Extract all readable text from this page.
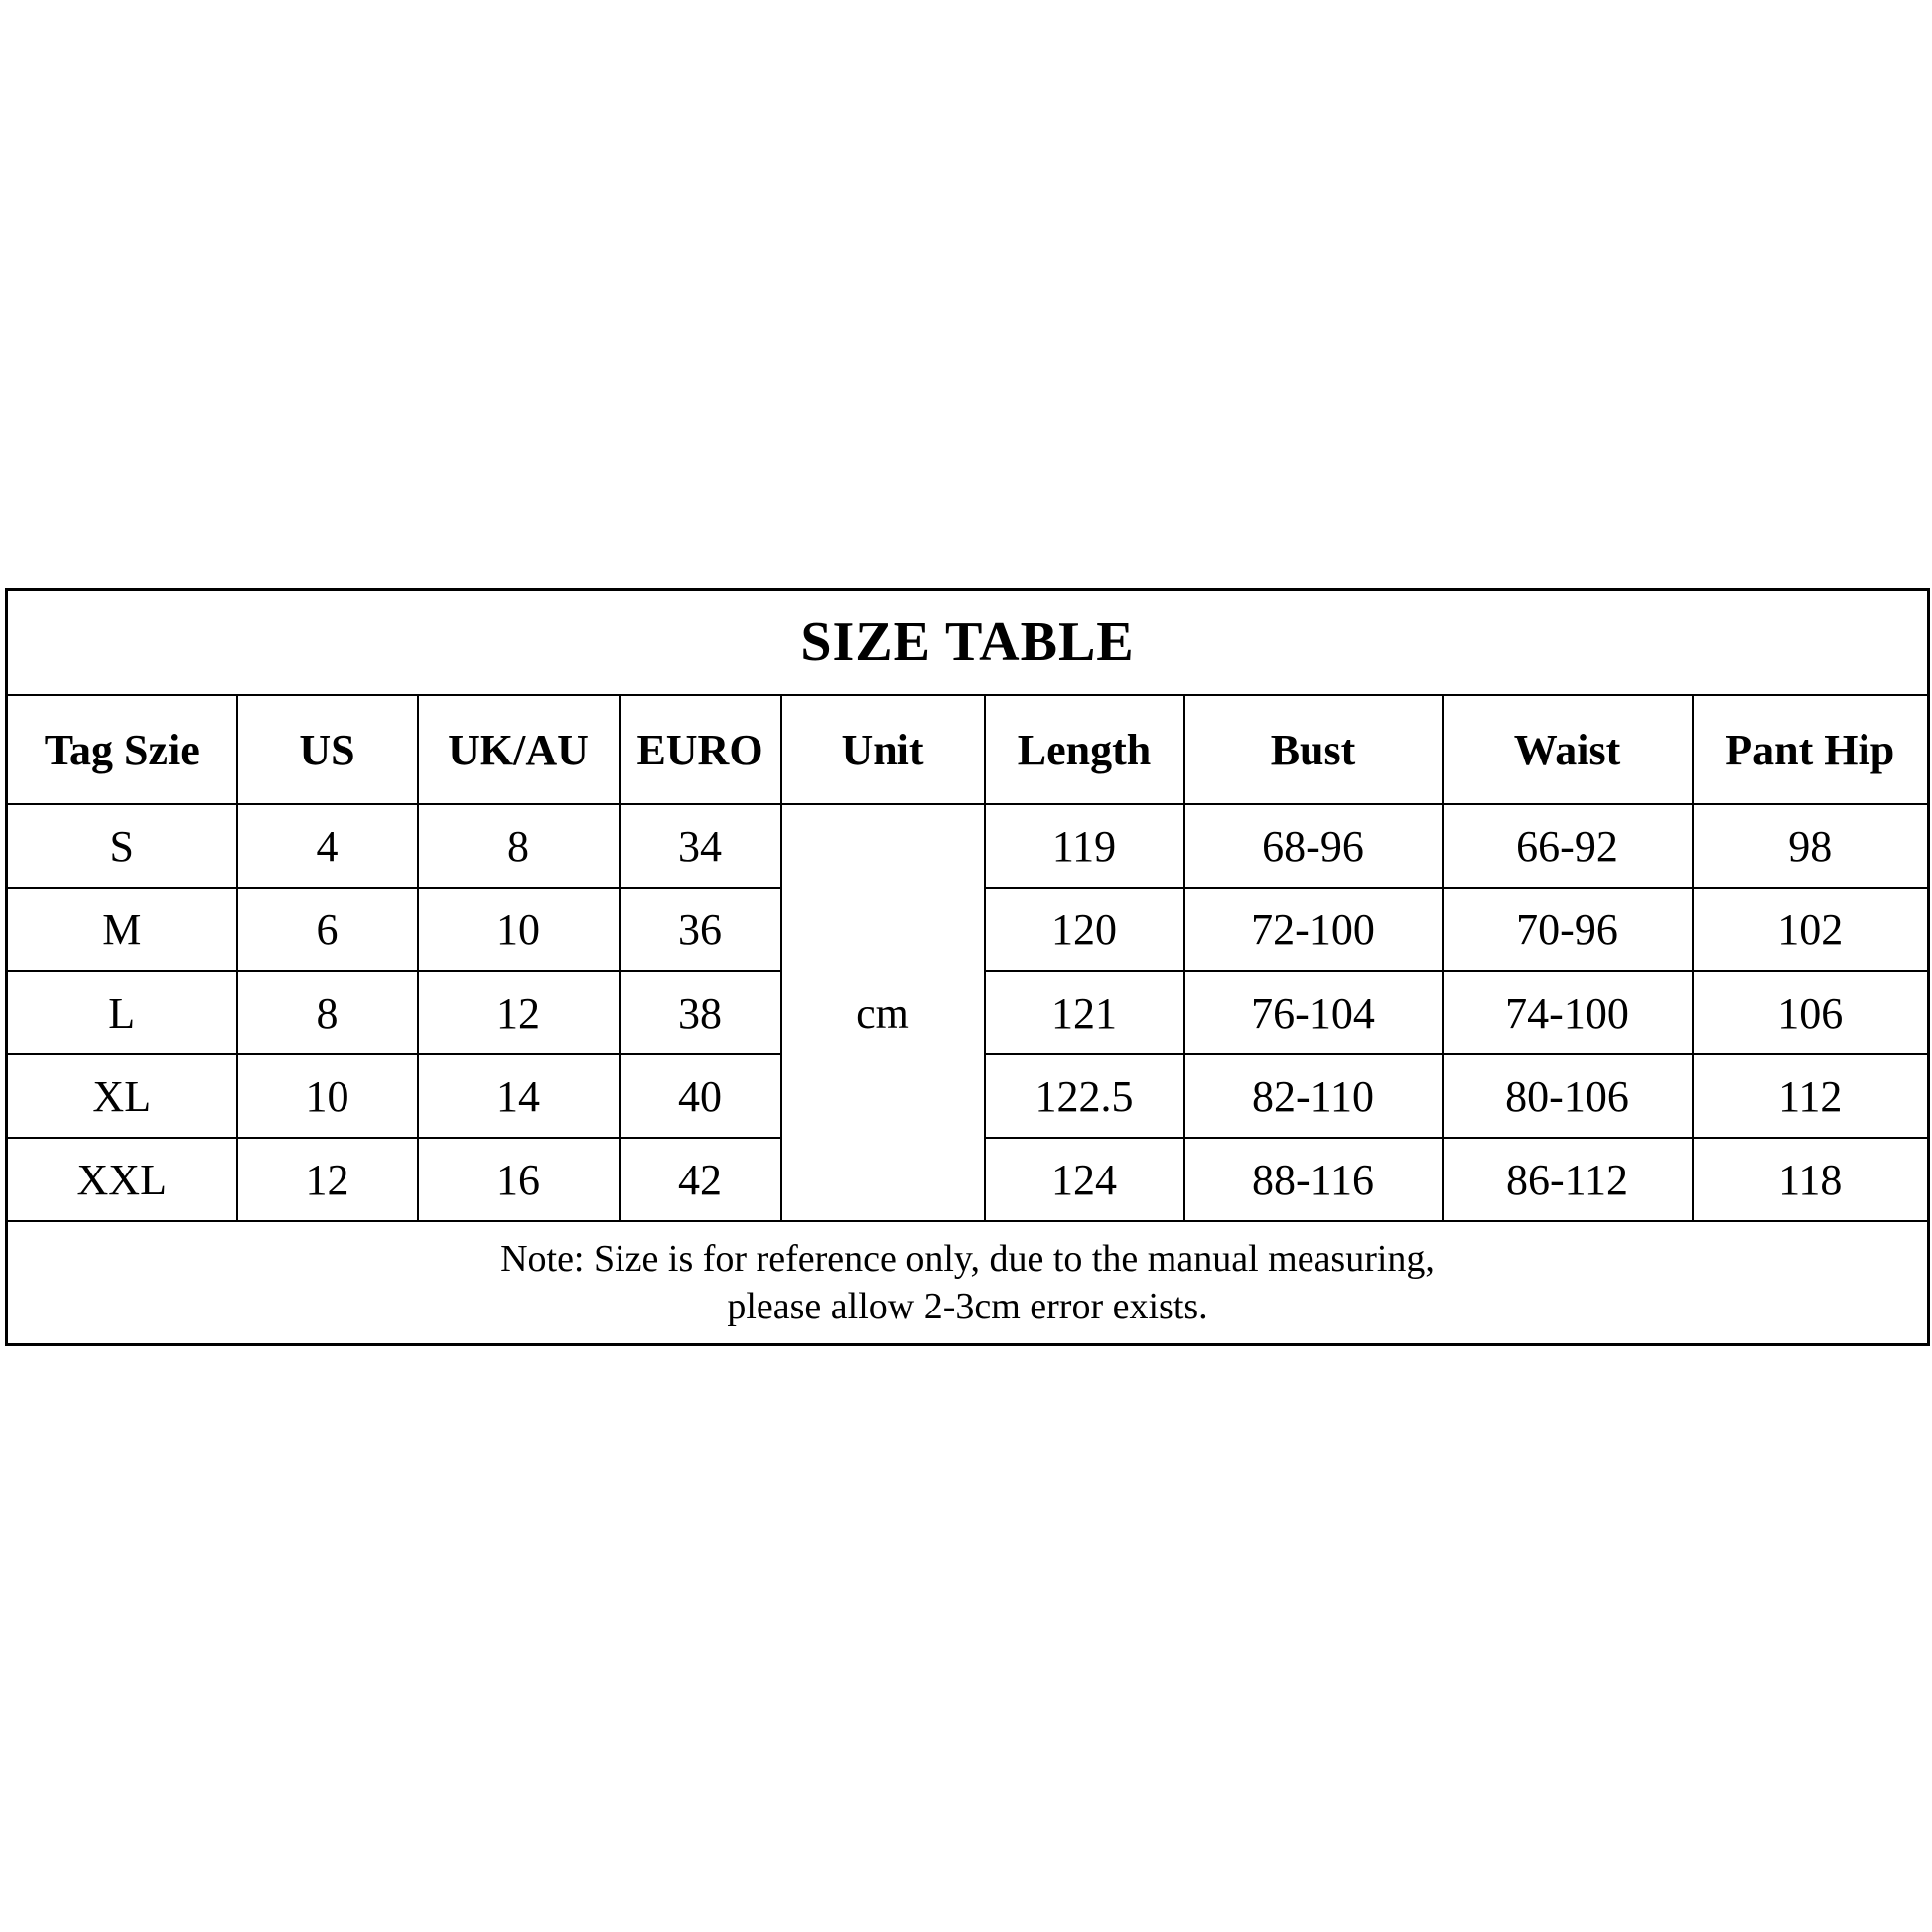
SIZE TABLE								
Tag Szie	US	UK/AU	EURO	Unit	Length	Bust	Waist	Pant Hip
S	4	8	34	cm	119	68-96	66-92	98
M	6	10	36		120	72-100	70-96	102
L	8	12	38		121	76-104	74-100	106
XL	10	14	40		122.5	82-110	80-106	112
XXL	12	16	42		124	88-116	86-112	118

Note: Size is for reference only, due to the manual measuring,
please allow 2-3cm error exists.								
